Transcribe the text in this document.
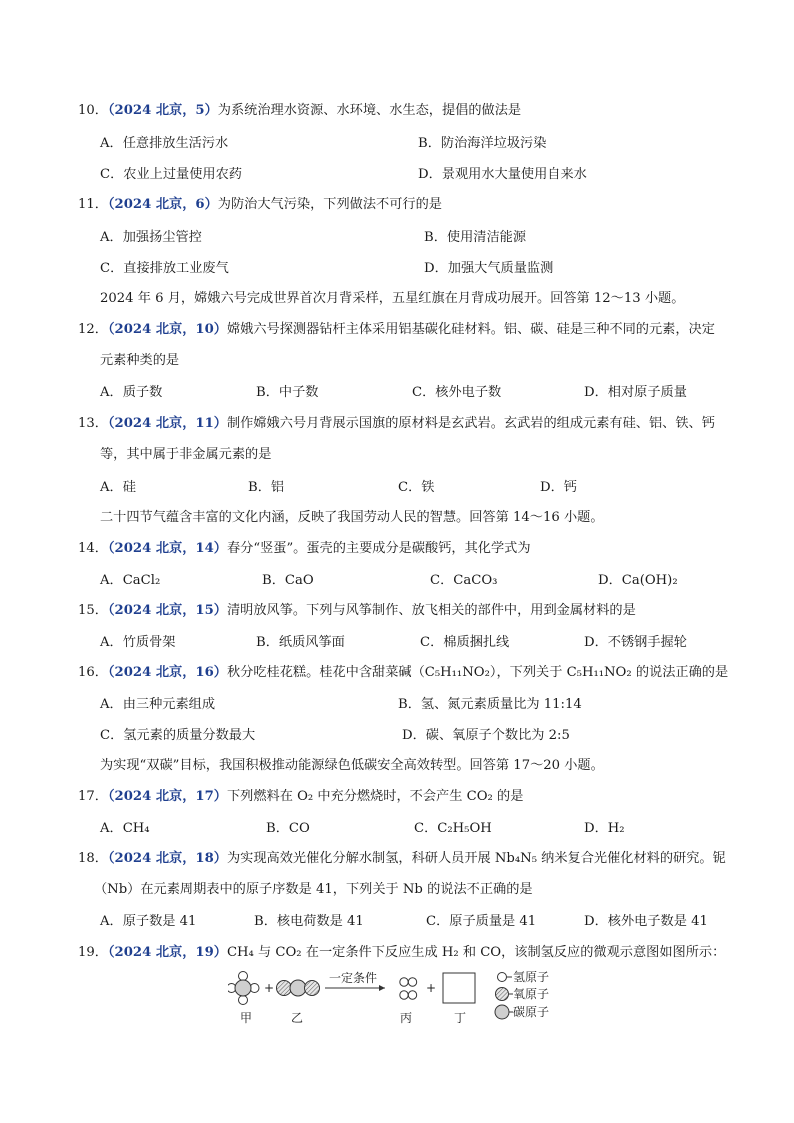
10．（2024 北京，5）为系统治理水资源、水环境、水生态，提倡的做法是
A．任意排放生活污水	B．防治海洋垃圾污染
C．农业上过量使用农药	D．景观用水大量使用自来水
11．（2024 北京，6）为防治大气污染，下列做法不可行的是
A．加强扬尘管控	B．使用清洁能源
C．直接排放工业废气	D．加强大气质量监测
2024 年 6 月，嫦娥六号完成世界首次月背采样，五星红旗在月背成功展开。回答第 12～13 小题。
12．（2024 北京，10）嫦娥六号探测器钻杆主体采用铝基碳化硅材料。铝、碳、硅是三种不同的元素，决定
元素种类的是
A．质子数	B．中子数	C．核外电子数	D．相对原子质量
13．（2024 北京，11）制作嫦娥六号月背展示国旗的原材料是玄武岩。玄武岩的组成元素有硅、铝、铁、钙
等，其中属于非金属元素的是
A．硅	B．铝	C．铁	D．钙
二十四节气蕴含丰富的文化内涵，反映了我国劳动人民的智慧。回答第 14～16 小题。
14．（2024 北京，14）春分“竖蛋”。蛋壳的主要成分是碳酸钙，其化学式为
A．CaCl₂	B．CaO	C．CaCO₃	D．Ca(OH)₂
15．（2024 北京，15）清明放风筝。下列与风筝制作、放飞相关的部件中，用到金属材料的是
A．竹质骨架	B．纸质风筝面	C．棉质捆扎线	D．不锈钢手握轮
16．（2024 北京，16）秋分吃桂花糕。桂花中含甜菜碱（C₅H₁₁NO₂），下列关于 C₅H₁₁NO₂ 的说法正确的是
A．由三种元素组成	B．氢、氮元素质量比为 11:14
C．氢元素的质量分数最大	D．碳、氧原子个数比为 2:5
为实现“双碳”目标，我国积极推动能源绿色低碳安全高效转型。回答第 17～20 小题。
17．（2024 北京，17）下列燃料在 O₂ 中充分燃烧时，不会产生 CO₂ 的是
A．CH₄	B．CO	C．C₂H₅OH	D．H₂
18．（2024 北京，18）为实现高效光催化分解水制氢，科研人员开展 Nb₄N₅ 纳米复合光催化材料的研究。铌
（Nb）在元素周期表中的原子序数是 41，下列关于 Nb 的说法不正确的是
A．原子数是 41	B．核电荷数是 41	C．原子质量是 41	D．核外电子数是 41
19．（2024 北京，19）CH₄ 与 CO₂ 在一定条件下反应生成 H₂ 和 CO，该制氢反应的微观示意图如图所示：
甲
+
乙
一定条件
丙
+
丁
氢原子
氧原子
碳原子
